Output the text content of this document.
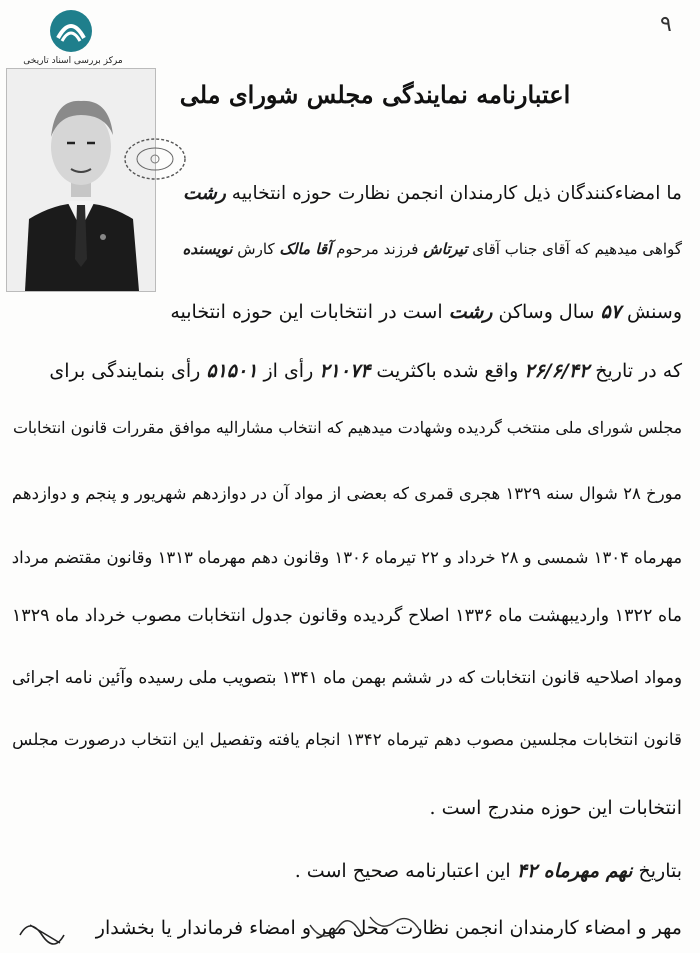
مرکز بررسی اسناد تاریخی
۹
اعتبارنامه نمایندگی مجلس شورای ملی
ما امضاءکنندگان ذیل کارمندان انجمن نظارت حوزه انتخابیه رشت
گواهی میدهیم که آقای جناب آقای تیرتاش فرزند مرحوم آقا مالک کارش نویسنده
وسنش ۵۷ سال وساکن رشت است در انتخابات این حوزه انتخابیه
که در تاریخ ۲۶/۶/۴۲ واقع شده باکثریت ۲۱۰۷۴ رأی از ۵۱۵۰۱ رأی بنمایندگی برای
مجلس شورای ملی منتخب گردیده وشهادت میدهیم که انتخاب مشارالیه موافق مقررات قانون انتخابات
مورخ ۲۸ شوال سنه ۱۳۲۹ هجری قمری که بعضی از مواد آن در دوازدهم شهریور و پنجم و دوازدهم
مهرماه ۱۳۰۴ شمسی و ۲۸ خرداد و ۲۲ تیرماه ۱۳۰۶ وقانون دهم مهرماه ۱۳۱۳ وقانون مقتضم مرداد
ماه ۱۳۲۲ واردیبهشت ماه ۱۳۳۶ اصلاح گردیده وقانون جدول انتخابات مصوب خرداد ماه ۱۳۲۹
ومواد اصلاحیه قانون انتخابات که در ششم بهمن ماه ۱۳۴۱ بتصویب ملی رسیده وآئین نامه اجرائی
قانون انتخابات مجلسین مصوب دهم تیرماه ۱۳۴۲ انجام یافته وتفصیل این انتخاب درصورت مجلس
انتخابات این حوزه مندرج است .
بتاریخ نهم مهرماه ۴۲ این اعتبارنامه صحیح است .
مهر و امضاء کارمندان انجمن نظارت محل مهر و امضاء فرماندار یا بخشدار
